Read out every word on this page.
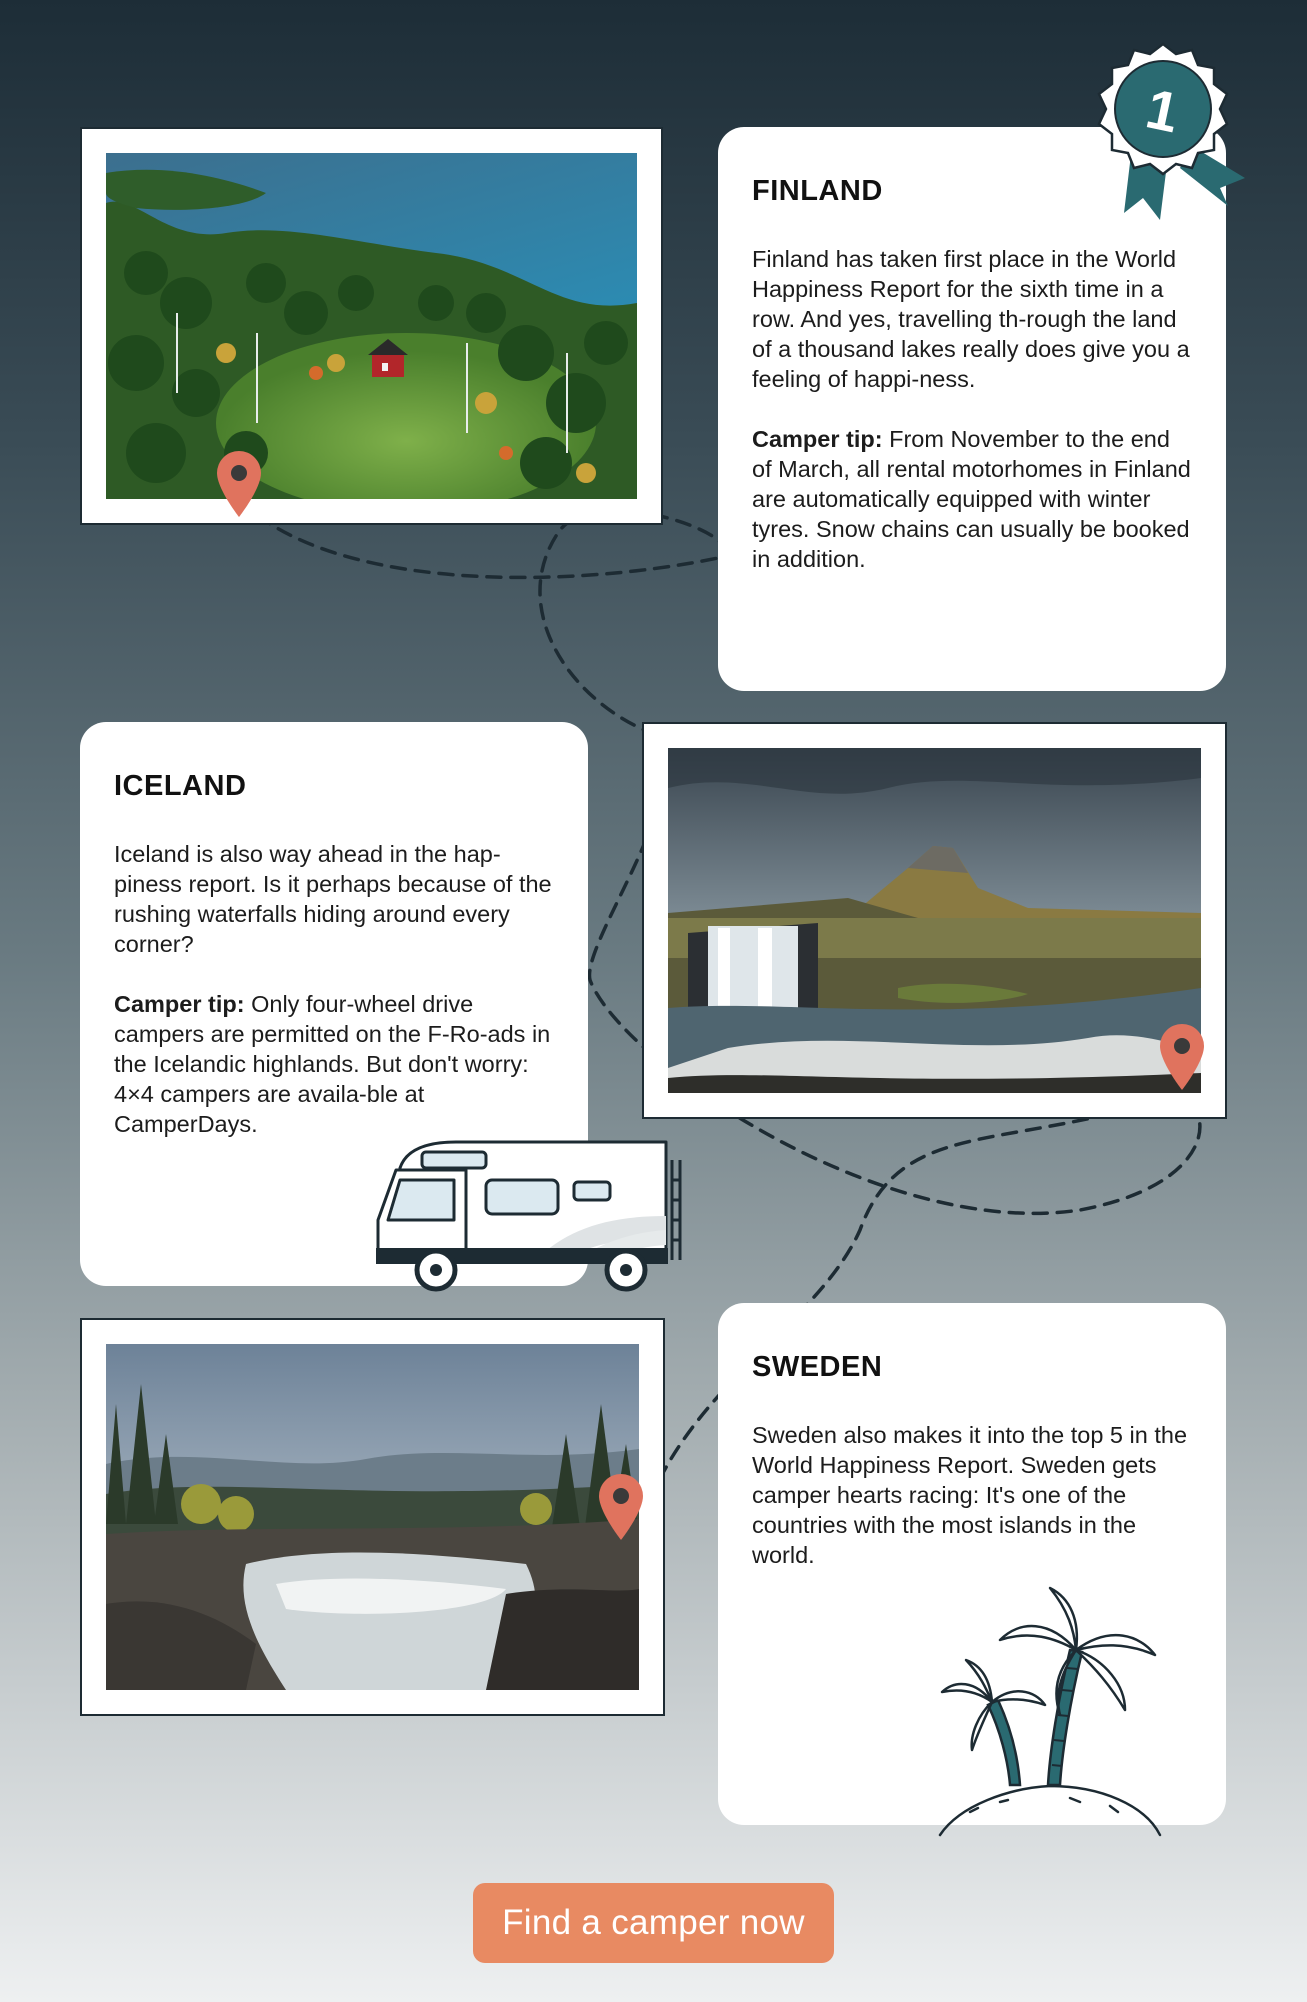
FINLAND

Finland has taken first place in the World Happiness Report for the sixth time in a row. And yes, travelling th-rough the land of a thousand lakes really does give you a feeling of happi-ness.

Camper tip: From November to the end of March, all rental motorhomes in Finland are automatically equipped with winter tyres. Snow chains can usually be booked in addition.

1
ICELAND

Iceland is also way ahead in the hap-piness report. Is it perhaps because of the rushing waterfalls hiding around every corner?

Camper tip: Only four-wheel drive campers are permitted on the F-Ro-ads in the Icelandic highlands. But don't worry: 4×4 campers are availa-ble at CamperDays.

SWEDEN

Sweden also makes it into the top 5 in the World Happiness Report. Sweden gets camper hearts racing: It's one of the countries with the most islands in the world.

Find a camper now
